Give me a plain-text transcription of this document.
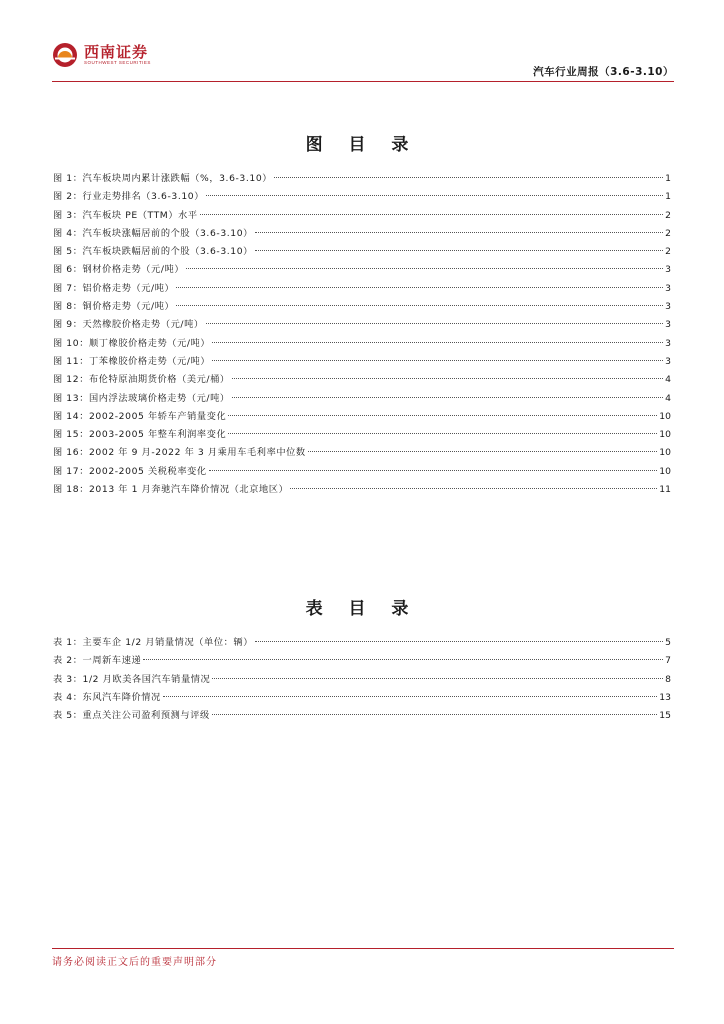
西南证券
SOUTHWEST SECURITIES
汽车行业周报（3.6-3.10）
图 目 录
图 1：汽车板块周内累计涨跌幅（%，3.6-3.10）	1
图 2：行业走势排名（3.6-3.10）	1
图 3：汽车板块 PE（TTM）水平	2
图 4：汽车板块涨幅居前的个股（3.6-3.10）	2
图 5：汽车板块跌幅居前的个股（3.6-3.10）	2
图 6：钢材价格走势（元/吨）	3
图 7：铝价格走势（元/吨）	3
图 8：铜价格走势（元/吨）	3
图 9：天然橡胶价格走势（元/吨）	3
图 10：顺丁橡胶价格走势（元/吨）	3
图 11：丁苯橡胶价格走势（元/吨）	3
图 12：布伦特原油期货价格（美元/桶）	4
图 13：国内浮法玻璃价格走势（元/吨）	4
图 14：2002-2005 年轿车产销量变化	10
图 15：2003-2005 年整车利润率变化	10
图 16：2002 年 9 月-2022 年 3 月乘用车毛利率中位数	10
图 17：2002-2005 关税税率变化	10
图 18：2013 年 1 月奔驰汽车降价情况（北京地区）	11
表 目 录
表 1：主要车企 1/2 月销量情况（单位：辆）	5
表 2：一周新车速递	7
表 3：1/2 月欧美各国汽车销量情况	8
表 4：东风汽车降价情况	13
表 5：重点关注公司盈利预测与评级	15
请务必阅读正文后的重要声明部分
